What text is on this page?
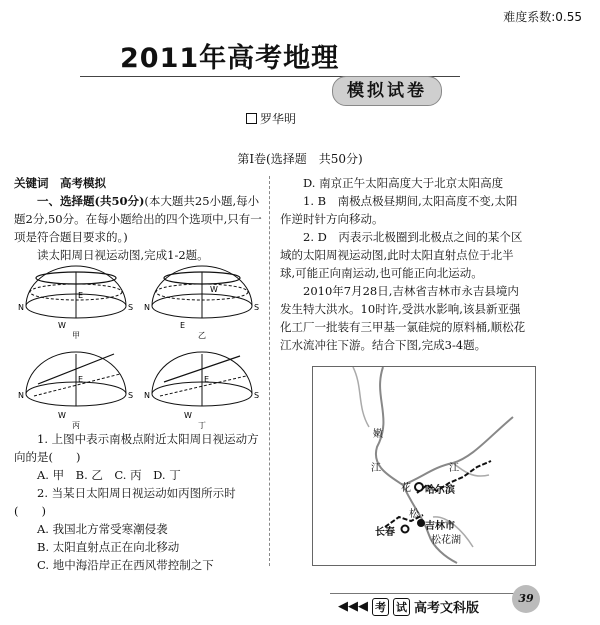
难度系数:0.55
2011年高考地理
模拟试卷
罗华明
第Ⅰ卷(选择题　共50分)
关键词　高考模拟
一、选择题(共50分)(本大题共25小题,每小题2分,50分。在每小题给出的四个选项中,只有一项是符合题目要求的。)
读太阳周日视运动图,完成1-2题。
N	S
E
W
甲
N	S
W
E
乙
N	S
E
W
丙
N	S
E
W
丁
1. 上图中表示南极点附近太阳周日视运动方向的是(　　)
A. 甲　B. 乙　C. 丙　D. 丁
2. 当某日太阳周日视运动如丙图所示时(　　)
A. 我国北方常受寒潮侵袭
B. 太阳直射点正在向北移动
C. 地中海沿岸正在西风带控制之下
D. 南京正午太阳高度大于北京太阳高度
1. B　南极点极昼期间,太阳高度不变,太阳作逆时针方向移动。
2. D　丙表示北极圈到北极点之间的某个区域的太阳周视运动图,此时太阳直射点位于北半球,可能正向南运动,也可能正向北运动。
2010年7月28日,吉林省吉林市永吉县境内发生特大洪水。10时许,受洪水影响,该县新亚强化工厂一批装有三甲基一氯硅烷的原料桶,顺松花江水流冲往下游。结合下图,完成3-4题。
嫩
江
花
江
松
哈尔滨
长春
吉林市
松花湖
◀◀◀ 考 试 高考文科版
39
